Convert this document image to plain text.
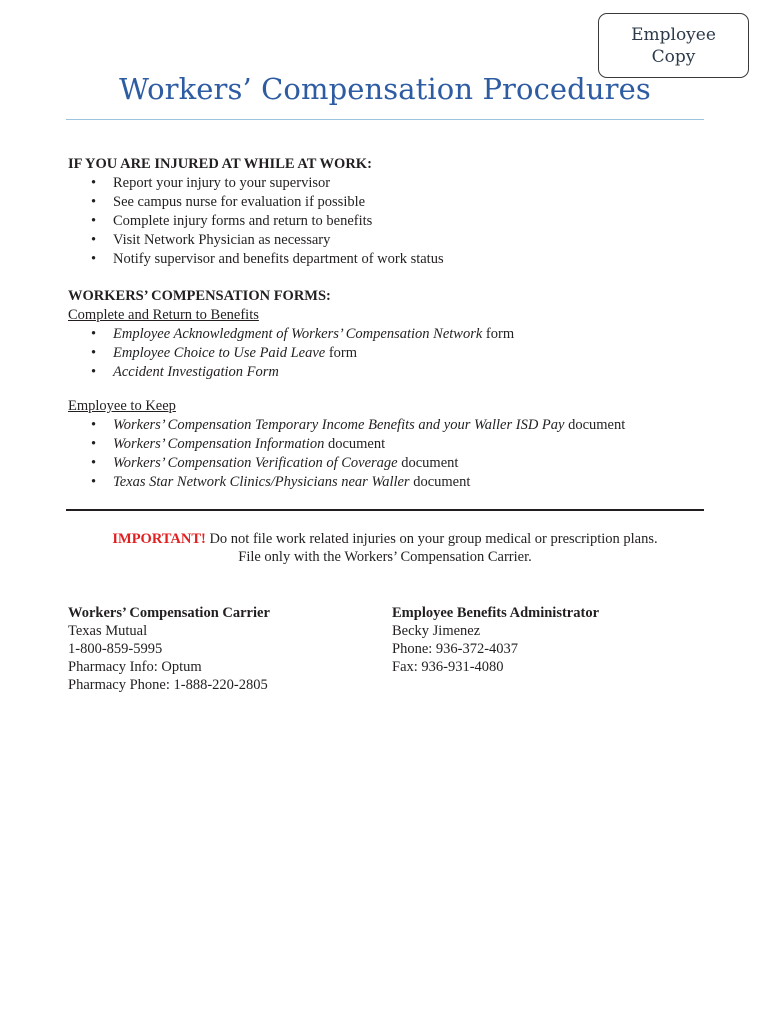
Employee
Copy
Workers’ Compensation Procedures
IF YOU ARE INJURED AT WHILE AT WORK:
• Report your injury to your supervisor
• See campus nurse for evaluation if possible
• Complete injury forms and return to benefits
• Visit Network Physician as necessary
• Notify supervisor and benefits department of work status
WORKERS’ COMPENSATION FORMS:
Complete and Return to Benefits
• Employee Acknowledgment of Workers’ Compensation Network form
• Employee Choice to Use Paid Leave form
• Accident Investigation Form
Employee to Keep
• Workers’ Compensation Temporary Income Benefits and your Waller ISD Pay document
• Workers’ Compensation Information document
• Workers’ Compensation Verification of Coverage document
• Texas Star Network Clinics/Physicians near Waller document
IMPORTANT! Do not file work related injuries on your group medical or prescription plans.
File only with the Workers’ Compensation Carrier.
Workers’ Compensation Carrier
Texas Mutual
1-800-859-5995
Pharmacy Info: Optum
Pharmacy Phone: 1-888-220-2805
Employee Benefits Administrator
Becky Jimenez
Phone: 936-372-4037
Fax: 936-931-4080
